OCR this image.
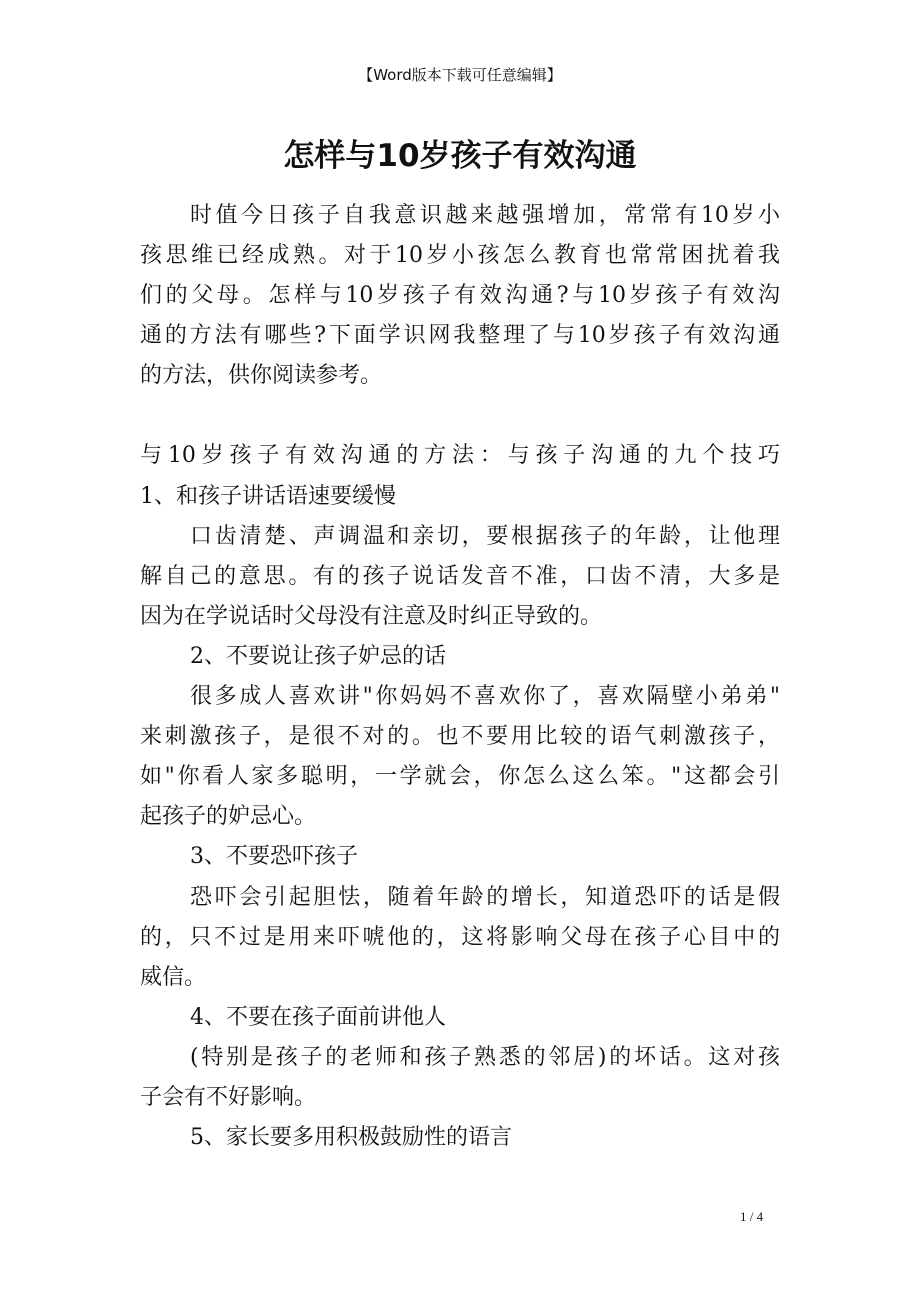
【Word版本下载可任意编辑】
怎样与10岁孩子有效沟通
时值今日孩子自我意识越来越强增加，常常有10岁小
孩思维已经成熟。对于10岁小孩怎么教育也常常困扰着我
们的父母。怎样与10岁孩子有效沟通?与10岁孩子有效沟
通的方法有哪些?下面学识网我整理了与10岁孩子有效沟通
的方法，供你阅读参考。
与10岁孩子有效沟通的方法：与孩子沟通的九个技巧
1、和孩子讲话语速要缓慢
口齿清楚、声调温和亲切，要根据孩子的年龄，让他理
解自己的意思。有的孩子说话发音不准，口齿不清，大多是
因为在学说话时父母没有注意及时纠正导致的。
2、不要说让孩子妒忌的话
很多成人喜欢讲"你妈妈不喜欢你了，喜欢隔壁小弟弟"
来刺激孩子，是很不对的。也不要用比较的语气刺激孩子，
如"你看人家多聪明，一学就会，你怎么这么笨。"这都会引
起孩子的妒忌心。
3、不要恐吓孩子
恐吓会引起胆怯，随着年龄的增长，知道恐吓的话是假
的，只不过是用来吓唬他的，这将影响父母在孩子心目中的
威信。
4、不要在孩子面前讲他人
(特别是孩子的老师和孩子熟悉的邻居)的坏话。这对孩
子会有不好影响。
5、家长要多用积极鼓励性的语言
1 / 4
